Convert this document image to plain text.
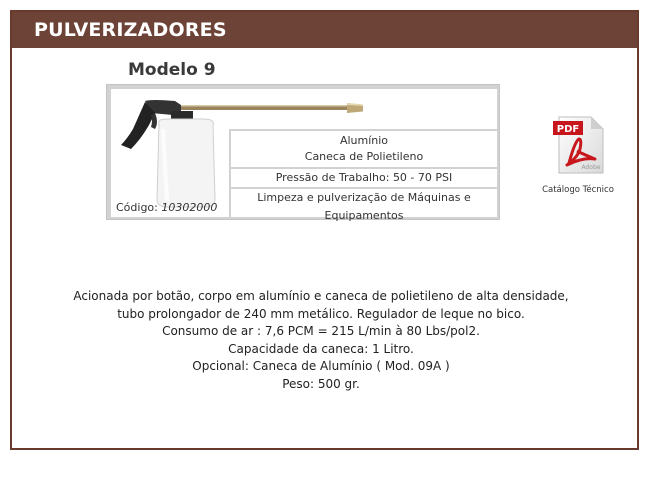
PULVERIZADORES
Modelo 9
Alumínio
Caneca de Polietileno
Pressão de Trabalho: 50 - 70 PSI
Limpeza e pulverização de Máquinas e
Equipamentos
Código: 10302000
PDF
Adobe
Catálogo Técnico
Acionada por botão, corpo em alumínio e caneca de polietileno de alta densidade,
tubo prolongador de 240 mm metálico. Regulador de leque no bico.
Consumo de ar : 7,6 PCM = 215 L/min à 80 Lbs/pol2.
Capacidade da caneca: 1 Litro.
Opcional: Caneca de Alumínio ( Mod. 09A )
Peso: 500 gr.
